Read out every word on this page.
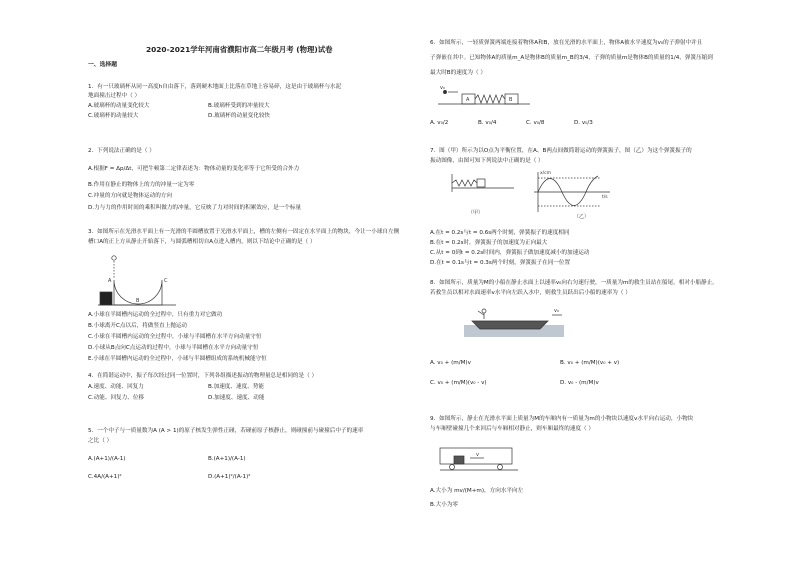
2020-2021学年河南省濮阳市高二年级月考 (物理)试卷
一、选择题
1．有一只玻璃杯从同一高度h自由落下，落到硬木地面上比落在草地上容易碎，这是由于玻璃杯与水泥
地面撞击过程中（ ）
A.玻璃杯的动量变化较大	B.玻璃杯受到的冲量较大
C.玻璃杯的动量较大	D.玻璃杯的动量变化较快
2．下列说法正确的是（ ）
A.根据F = Δp/Δt，可把牛顿第二定律表述为：物体动量的变化率等于它所受的合外力
B.作用在静止的物体上的力的冲量一定为零
C.冲量的方向就是物体运动的方向
D.力与力的作用时间的乘积叫做力的冲量，它反映了力对时间的积累效应，是一个标量
3．如图所示在光滑水平面上有一光滑的半圆槽放置于光滑水平面上，槽的左侧有一固定在水平面上的物块，今让一小球自左侧
槽口A的正上方从静止开始落下，与圆弧槽相切自A点进入槽内，则以下结论中正确的是（ ）
A
B
C
A.小球在半圆槽内运动的全过程中，只有重力对它做功
B.小球离开C点以后，将做竖直上抛运动
C.小球在半圆槽内运动的全过程中，小球与半圆槽在水平方向动量守恒
D.小球从B点向C点运动的过程中，小球与半圆槽在水平方向动量守恒
E.小球在半圆槽内运动的全过程中，小球与半圆槽组成的系统机械能守恒
4．在简谐运动中，振子每次经过同一位置时，下列各组描述振动的物理量总是相同的是（ ）
A.速度、动能、回复力	B.加速度、速度、势能
C.动能、回复力、位移	D.加速度、速度、动能
5．一个中子与一质量数为A (A > 1)的原子核发生弹性正碰，若碰前原子核静止，则碰撞前与碰撞后中子的速率
之比（ ）
A.(A+1)/(A-1)	B.(A+1)/(A-1)
C.4A/(A+1)²	D.(A+1)²/(A-1)²
6．如图所示，一轻质弹簧两端连接着物体A和B，放在光滑的水平面上，物体A被水平速度为v₀的子弹射中并且
子弹嵌在其中。已知物体A的质量m_A是物体B的质量m_B的3/4，子弹的质量m是物体B的质量的1/4，弹簧压缩到
最大时B的速度为（ ）
v₀
A	B
A. v₀/2	B. v₀/4	C. v₀/8	D. v₀/3
7．图（甲）所示为以O点为平衡位置，在A、B两点间做简谐运动的弹簧振子，图（乙）为这个弹簧振子的
振动图像，由图可知下列说法中正确的是（ ）
（甲）
x/cm
t/s
（乙）
A.在t = 0.2s与t = 0.6s两个时刻，弹簧振子的速度相同
B.在t = 0.2s时，弹簧振子的加速度为正向最大
C.从t = 0到t = 0.2s时间内，弹簧振子做加速度减小的加速运动
D.在t = 0.1s与t = 0.3s两个时刻，弹簧振子在同一位置
8．如图所示，质量为M的小船在静止水面上以速率v₀向右匀速行驶，一质量为m的救生员站在船尾，相对小船静止。
若救生员以相对水面速率v水平向左跃入水中，则救生员跃出后小船的速率为（ ）
v₀
A. v₀ + (m/M)v	B. v₀ + (m/M)(v₀ + v)
C. v₀ + (m/M)(v₀ - v)	D. v₀ - (m/M)v
9．如图所示，静止在光滑水平面上质量为M的车厢内有一质量为m的小物块以速度v水平向右运动，小物块
与车厢壁碰撞几个来回后与车厢相对静止，则车厢最终的速度（ ）
v
A.大小为 mv/(M+m)，方向水平向左
B.大小为零
